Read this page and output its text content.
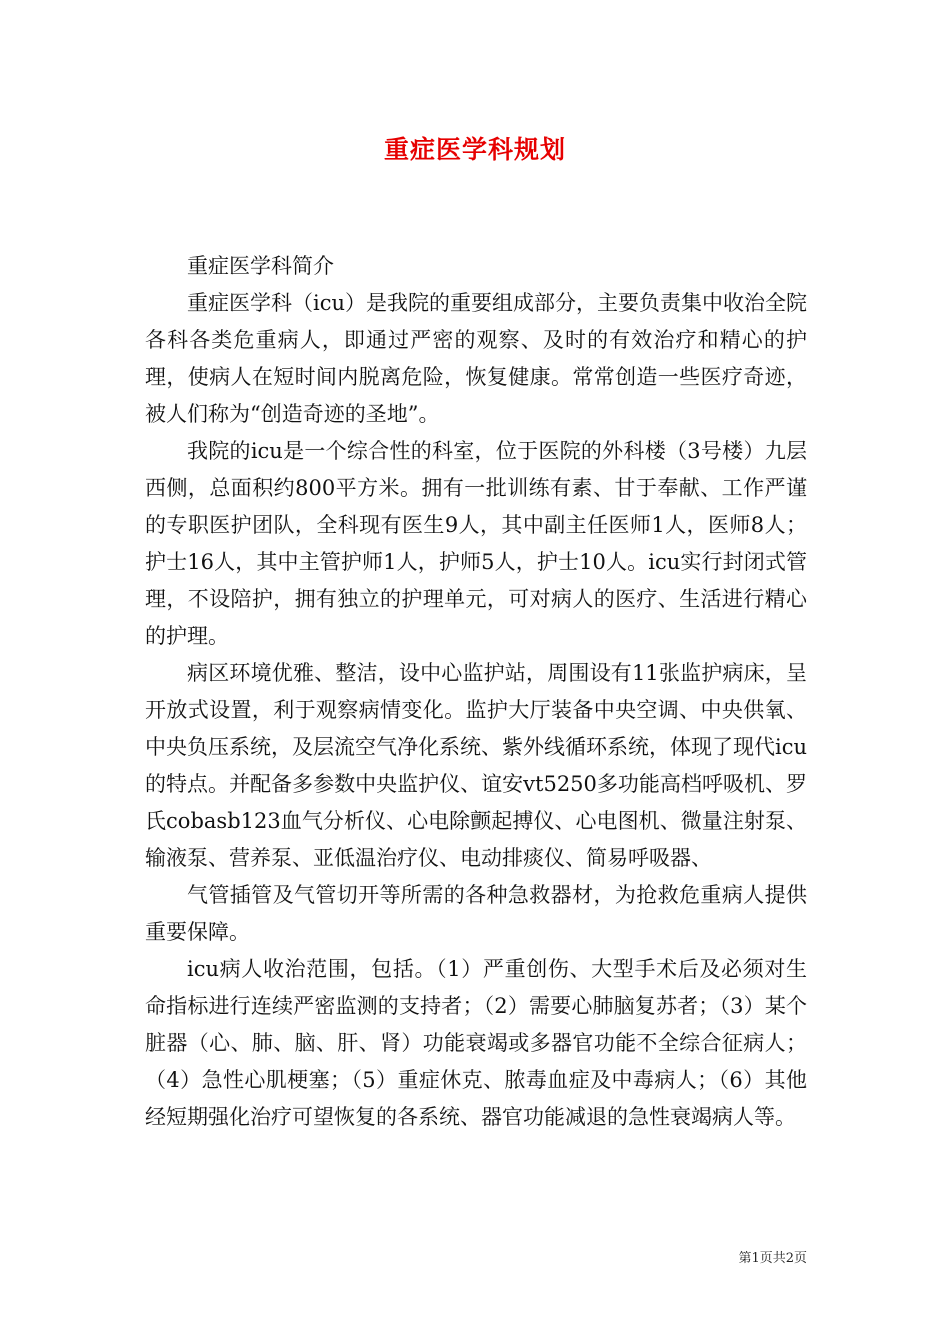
重症医学科规划

重症医学科简介

重症医学科（icu）是我院的重要组成部分，主要负责集中收治全院各科各类危重病人，即通过严密的观察、及时的有效治疗和精心的护理，使病人在短时间内脱离危险，恢复健康。常常创造一些医疗奇迹，被人们称为“创造奇迹的圣地”。

我院的icu是一个综合性的科室，位于医院的外科楼（3号楼）九层西侧，总面积约800平方米。拥有一批训练有素、甘于奉献、工作严谨的专职医护团队，全科现有医生9人，其中副主任医师1人，医师8人；护士16人，其中主管护师1人，护师5人，护士10人。icu实行封闭式管理，不设陪护，拥有独立的护理单元，可对病人的医疗、生活进行精心的护理。

病区环境优雅、整洁，设中心监护站，周围设有11张监护病床，呈开放式设置，利于观察病情变化。监护大厅装备中央空调、中央供氧、中央负压系统，及层流空气净化系统、紫外线循环系统，体现了现代icu的特点。并配备多参数中央监护仪、谊安vt5250多功能高档呼吸机、罗氏cobasb123血气分析仪、心电除颤起搏仪、心电图机、微量注射泵、输液泵、营养泵、亚低温治疗仪、电动排痰仪、简易呼吸器、

气管插管及气管切开等所需的各种急救器材，为抢救危重病人提供重要保障。

icu病人收治范围，包括。（1）严重创伤、大型手术后及必须对生命指标进行连续严密监测的支持者；（2）需要心肺脑复苏者；（3）某个脏器（心、肺、脑、肝、肾）功能衰竭或多器官功能不全综合征病人；（4）急性心肌梗塞；（5）重症休克、脓毒血症及中毒病人；（6）其他经短期强化治疗可望恢复的各系统、器官功能减退的急性衰竭病人等。

第1页共2页
